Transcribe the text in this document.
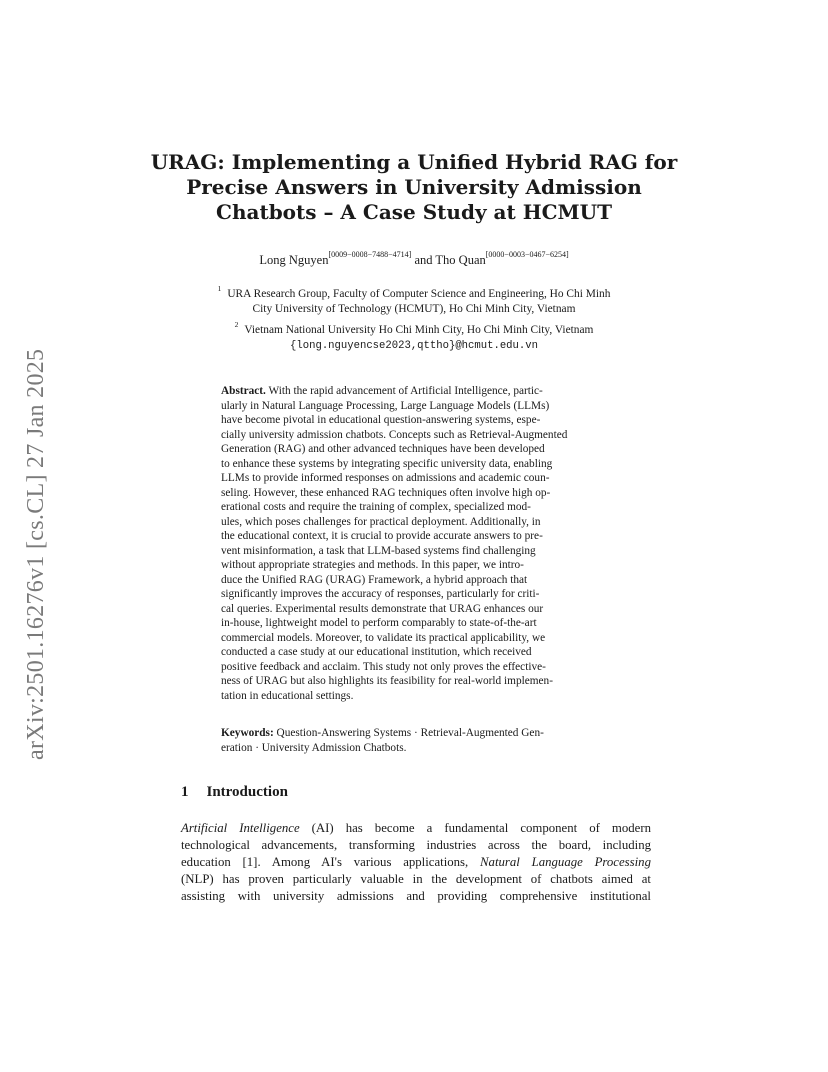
arXiv:2501.16276v1 [cs.CL] 27 Jan 2025
URAG: Implementing a Unified Hybrid RAG for
Precise Answers in University Admission
Chatbots – A Case Study at HCMUT
Long Nguyen[0009−0008−7488−4714] and Tho Quan[0000−0003−0467−6254]
$^1$ URA Research Group, Faculty of Computer Science and Engineering, Ho Chi Minh
City University of Technology (HCMUT), Ho Chi Minh City, Vietnam
$^2$ Vietnam National University Ho Chi Minh City, Ho Chi Minh City, Vietnam
{long.nguyencse2023,qttho}@hcmut.edu.vn
Abstract. With the rapid advancement of Artificial Intelligence, partic-
ularly in Natural Language Processing, Large Language Models (LLMs)
have become pivotal in educational question-answering systems, espe-
cially university admission chatbots. Concepts such as Retrieval-Augmented
Generation (RAG) and other advanced techniques have been developed
to enhance these systems by integrating specific university data, enabling
LLMs to provide informed responses on admissions and academic coun-
seling. However, these enhanced RAG techniques often involve high op-
erational costs and require the training of complex, specialized mod-
ules, which poses challenges for practical deployment. Additionally, in
the educational context, it is crucial to provide accurate answers to pre-
vent misinformation, a task that LLM-based systems find challenging
without appropriate strategies and methods. In this paper, we intro-
duce the Unified RAG (URAG) Framework, a hybrid approach that
significantly improves the accuracy of responses, particularly for criti-
cal queries. Experimental results demonstrate that URAG enhances our
in-house, lightweight model to perform comparably to state-of-the-art
commercial models. Moreover, to validate its practical applicability, we
conducted a case study at our educational institution, which received
positive feedback and acclaim. This study not only proves the effective-
ness of URAG but also highlights its feasibility for real-world implemen-
tation in educational settings.
Keywords: Question-Answering Systems · Retrieval-Augmented Gen-
eration · University Admission Chatbots.
1 Introduction
Artificial Intelligence (AI) has become a fundamental component of modern
technological advancements, transforming industries across the board, including
education [1]. Among AI's various applications, Natural Language Processing
(NLP) has proven particularly valuable in the development of chatbots aimed at
assisting with university admissions and providing comprehensive institutional
